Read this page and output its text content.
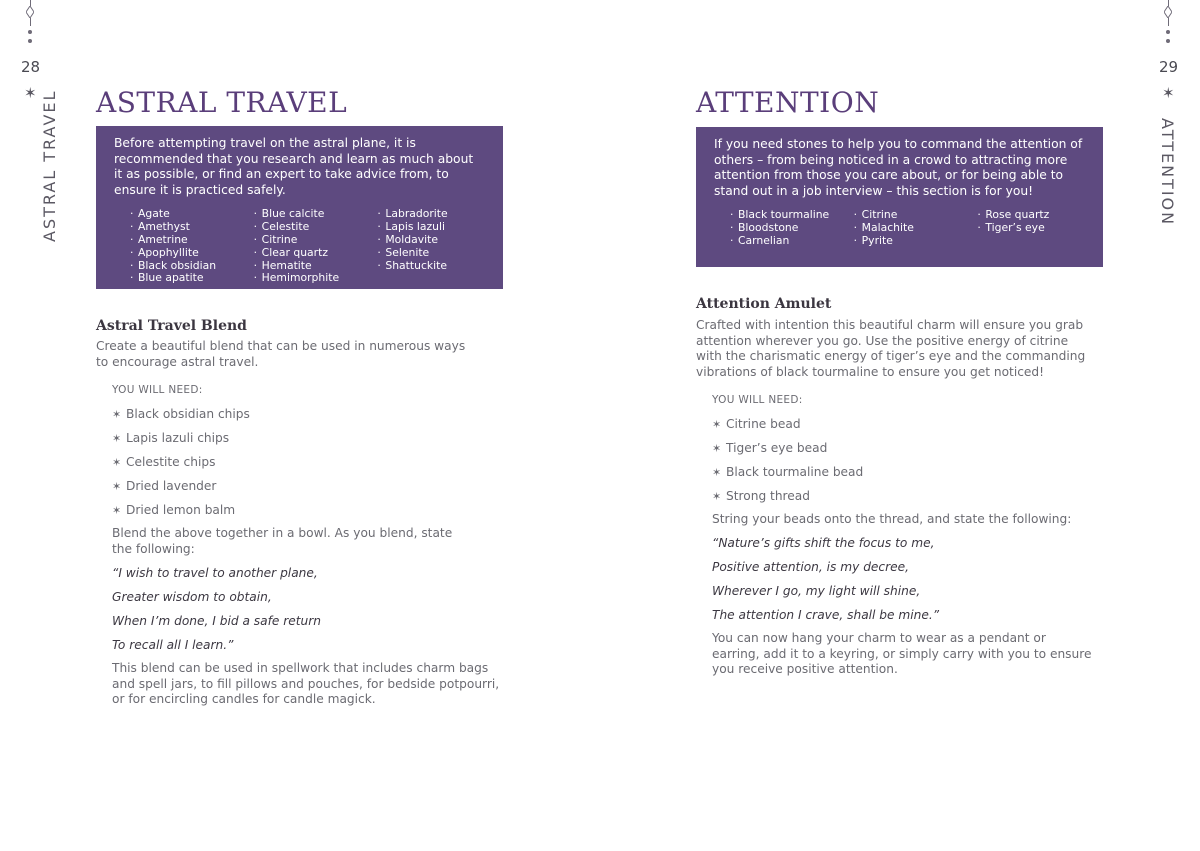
28
✶ ASTRAL TRAVEL ASTRAL TRAVEL

Before attempting travel on the astral plane, it is recommended that you research and learn as much about it as possible, or find an expert to take advice from, to ensure it is practiced safely.

· Agate
· Amethyst
· Ametrine
· Apophyllite
· Black obsidian
· Blue apatite
· Blue calcite
· Celestite
· Citrine
· Clear quartz
· Hematite
· Hemimorphite
· Labradorite
· Lapis lazuli
· Moldavite
· Selenite
· Shattuckite
Astral Travel Blend

Create a beautiful blend that can be used in numerous ways to encourage astral travel.

YOU WILL NEED:
✶ Black obsidian chips
✶ Lapis lazuli chips
✶ Celestite chips
✶ Dried lavender
✶ Dried lemon balm

Blend the above together in a bowl. As you blend, state the following:

“I wish to travel to another plane,
Greater wisdom to obtain,
When I’m done, I bid a safe return
To recall all I learn.”

This blend can be used in spellwork that includes charm bags and spell jars, to fill pillows and pouches, for bedside potpourri, or for encircling candles for candle magick.

29
✶
ATTENTION
ATTENTION

If you need stones to help you to command the attention of others – from being noticed in a crowd to attracting more attention from those you care about, or for being able to stand out in a job interview – this section is for you!

· Black tourmaline
· Bloodstone
· Carnelian
· Citrine
· Malachite
· Pyrite
· Rose quartz
· Tiger’s eye
Attention Amulet

Crafted with intention this beautiful charm will ensure you grab attention wherever you go. Use the positive energy of citrine with the charismatic energy of tiger’s eye and the commanding vibrations of black tourmaline to ensure you get noticed!

YOU WILL NEED:
✶ Citrine bead
✶ Tiger’s eye bead
✶ Black tourmaline bead
✶ Strong thread

String your beads onto the thread, and state the following:

“Nature’s gifts shift the focus to me,
Positive attention, is my decree,
Wherever I go, my light will shine,
The attention I crave, shall be mine.”

You can now hang your charm to wear as a pendant or earring, add it to a keyring, or simply carry with you to ensure you receive positive attention.
